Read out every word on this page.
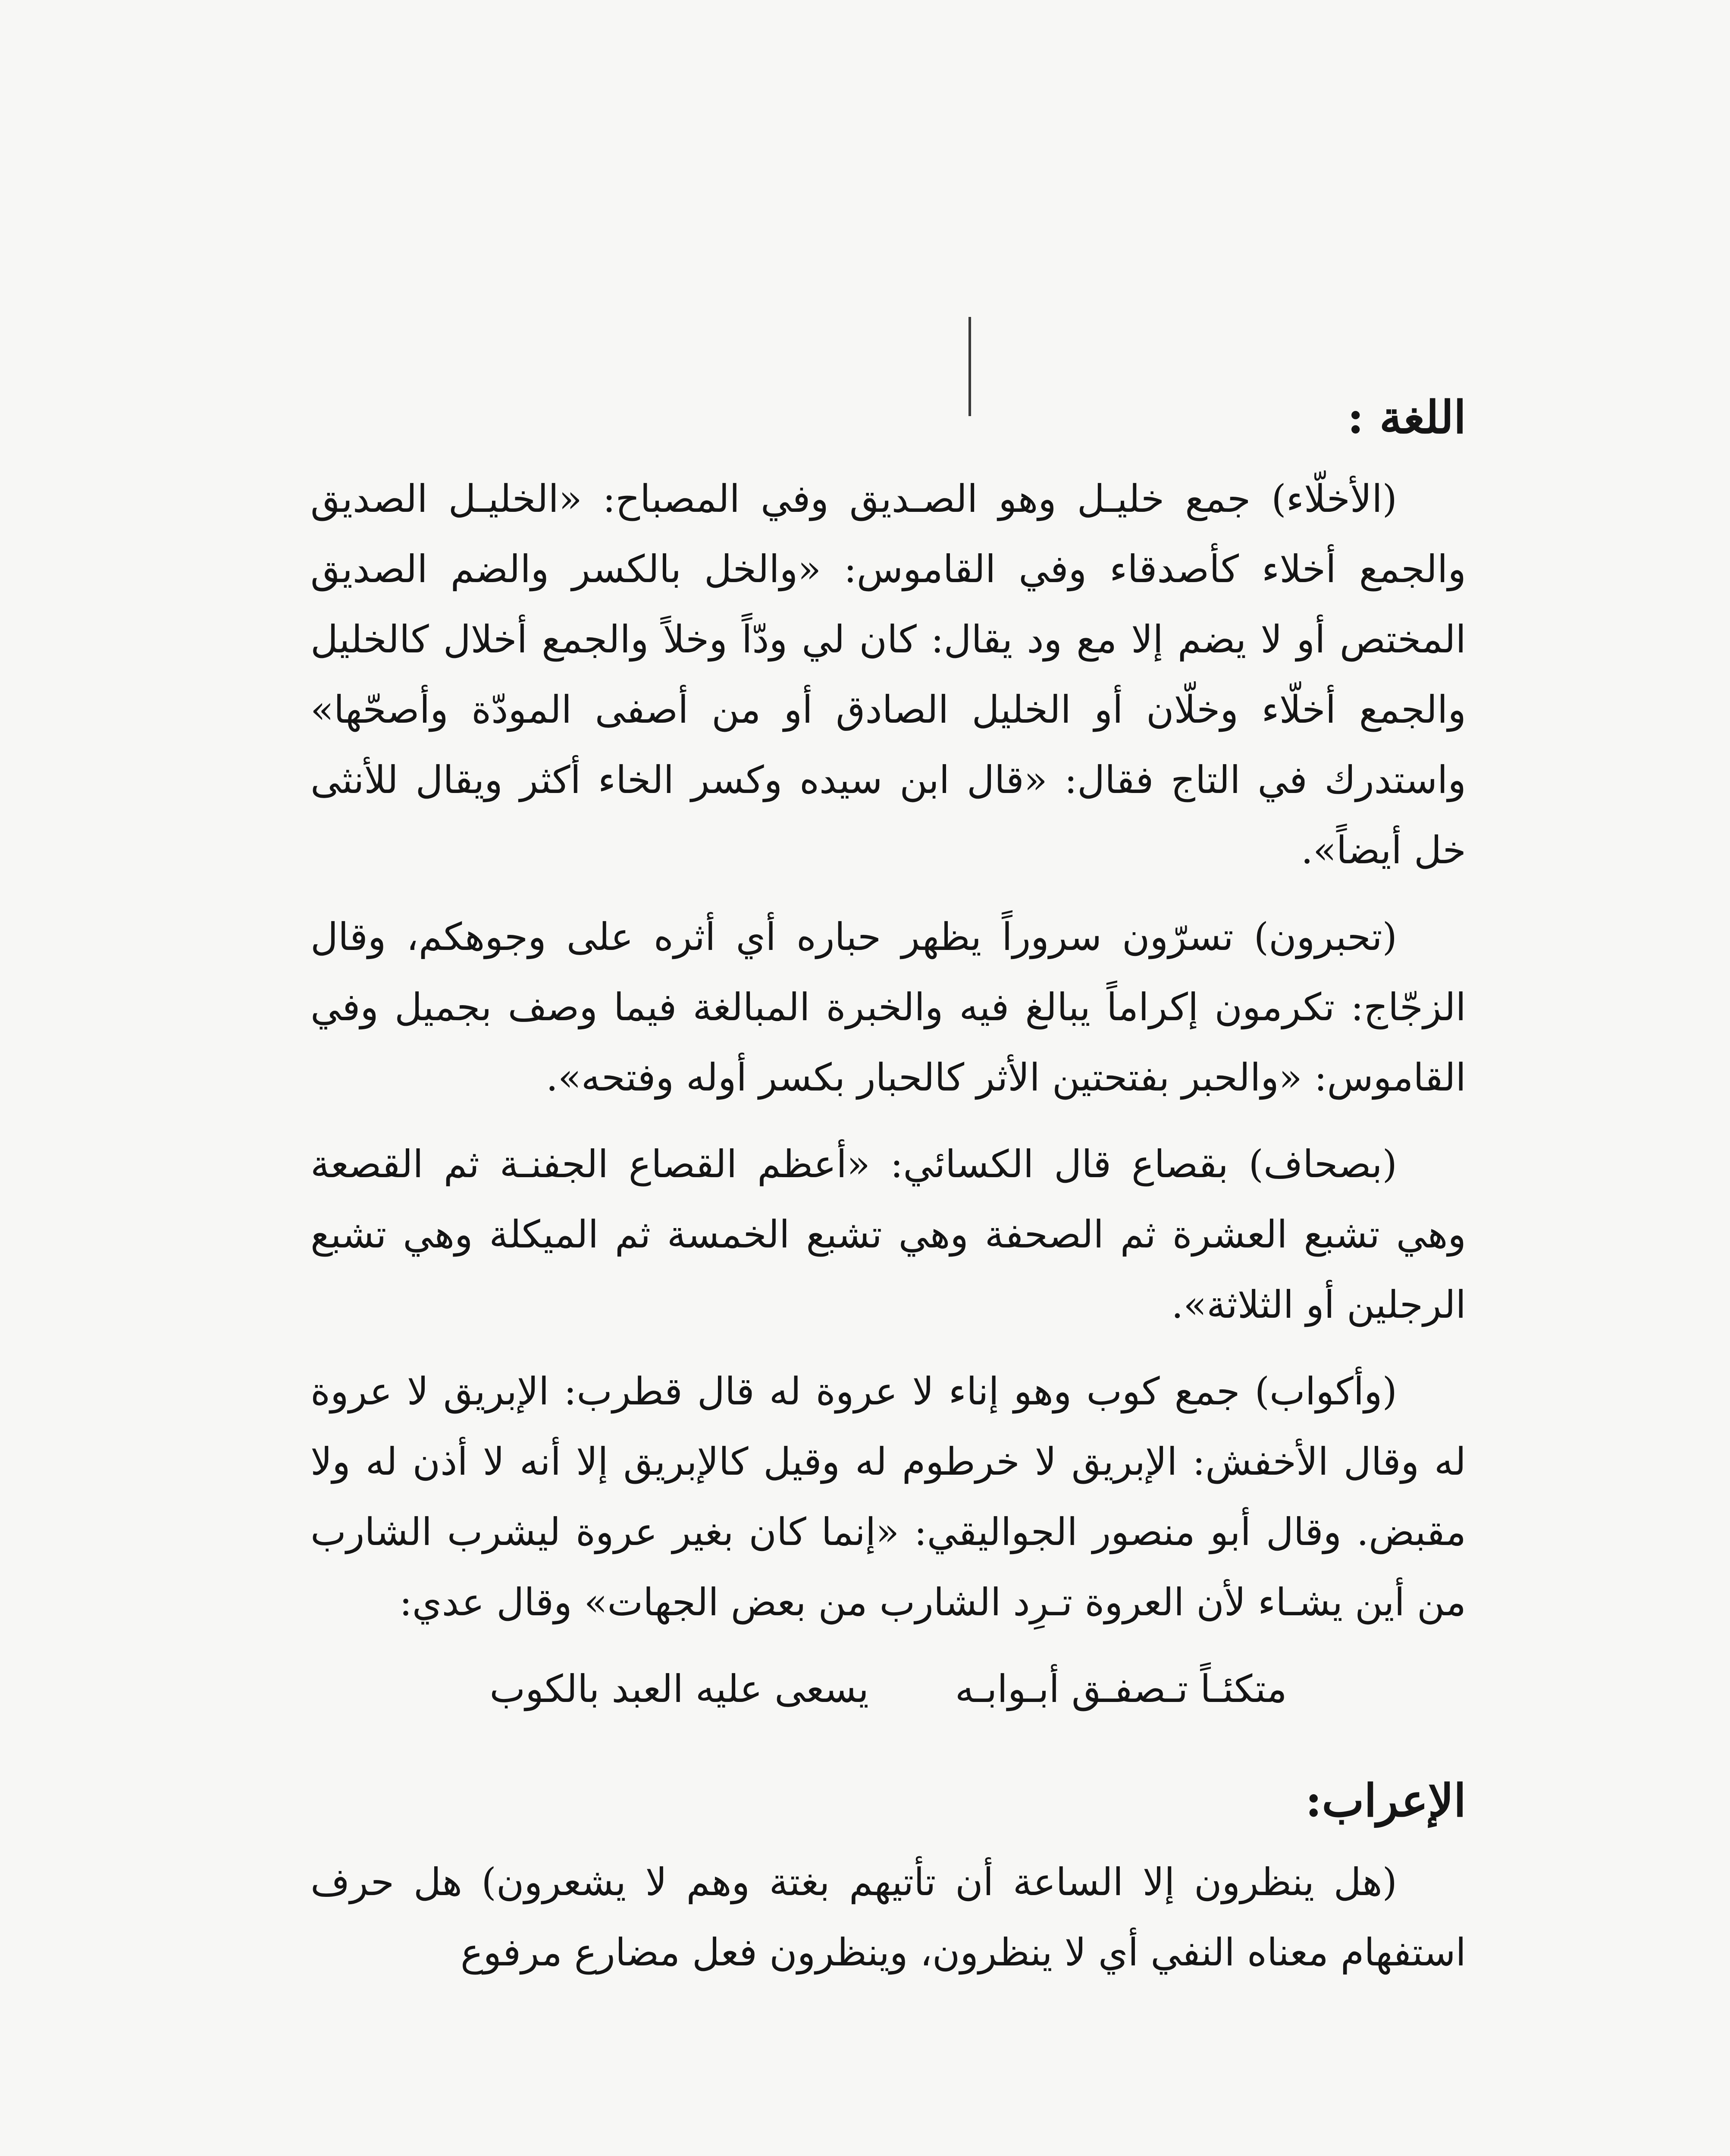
اللغة :

(الأخلّاء) جمع خليـل وهو الصـديق وفي المصباح: «الخليـل الصديق والجمع أخلاء كأصدقاء وفي القاموس: «والخل بالكسر والضم الصديق المختص أو لا يضم إلا مع ود يقال: كان لي ودّاً وخلاً والجمع أخلال كالخليل والجمع أخلّاء وخلّان أو الخليل الصادق أو من أصفى المودّة وأصحّها» واستدرك في التاج فقال: «قال ابن سيده وكسر الخاء أكثر ويقال للأنثى خل أيضاً».

(تحبرون) تسرّون سروراً يظهر حباره أي أثره على وجوهكم، وقال الزجّاج: تكرمون إكراماً يبالغ فيه والخبرة المبالغة فيما وصف بجميل وفي القاموس: «والحبر بفتحتين الأثر كالحبار بكسر أوله وفتحه».

(بصحاف) بقصاع قال الكسائي: «أعظم القصاع الجفنـة ثم القصعة وهي تشبع العشرة ثم الصحفة وهي تشبع الخمسة ثم الميكلة وهي تشبع الرجلين أو الثلاثة».

(وأكواب) جمع كوب وهو إناء لا عروة له قال قطرب: الإبريق لا عروة له وقال الأخفش: الإبريق لا خرطوم له وقيل كالإبريق إلا أنه لا أذن له ولا مقبض. وقال أبو منصور الجواليقي: «إنما كان بغير عروة ليشرب الشارب من أين يشـاء لأن العروة تـرِد الشارب من بعض الجهات» وقال عدي:

متكئـاً تـصفـق أبـوابـه
يسعى عليه العبد بالكوب
الإعراب:

(هل ينظرون إلا الساعة أن تأتيهم بغتة وهم لا يشعرون) هل حرف استفهام معناه النفي أي لا ينظرون، وينظرون فعل مضارع مرفوع
